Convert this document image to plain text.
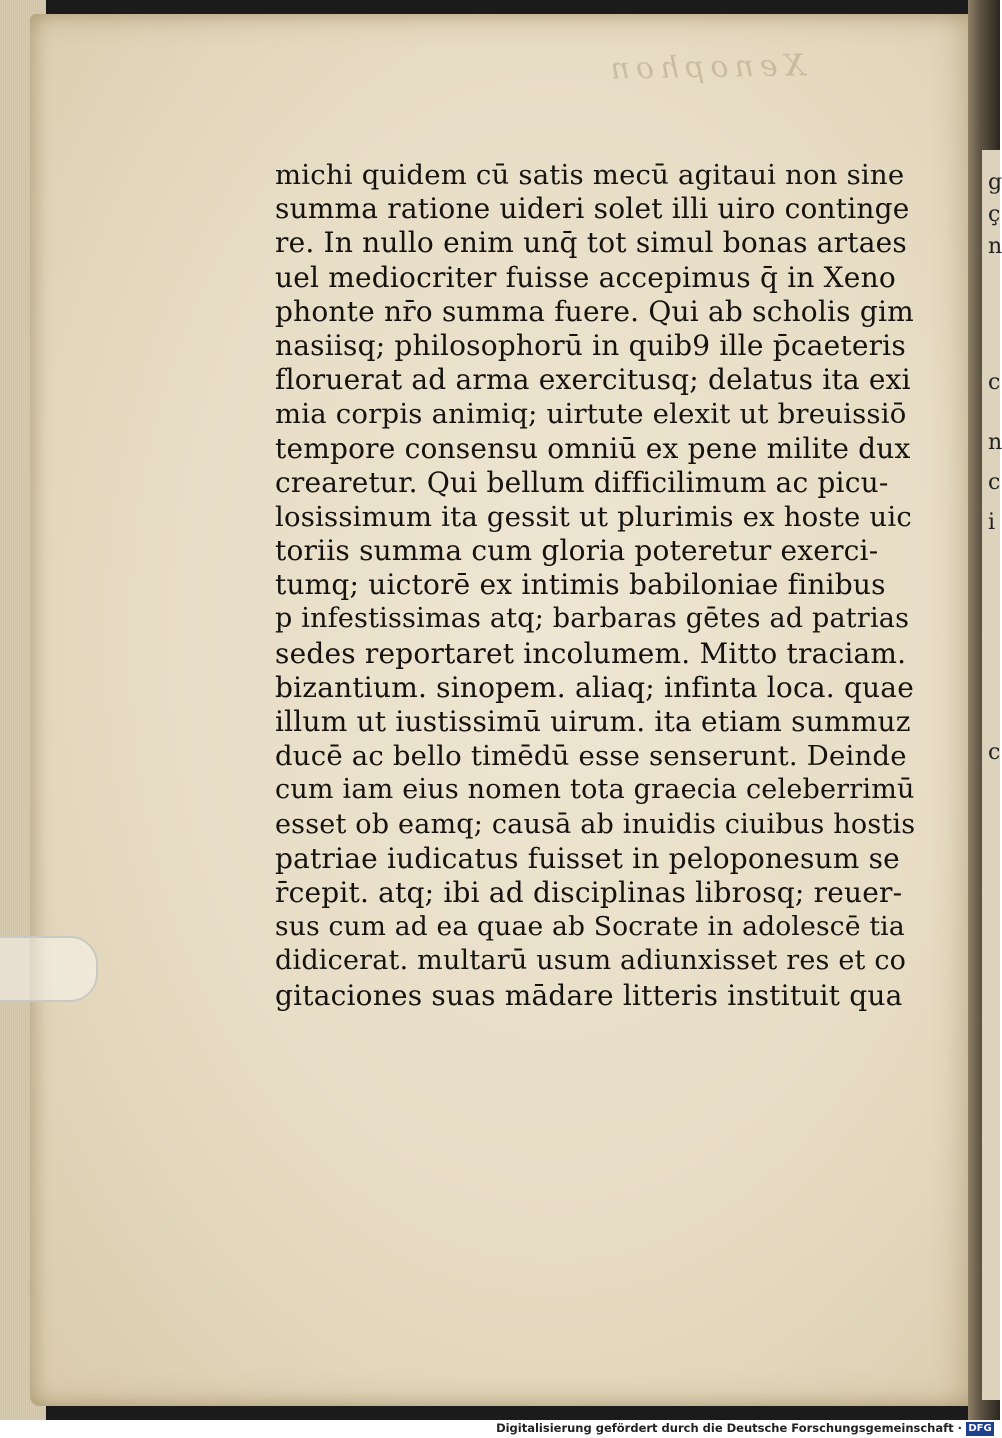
Xenophon
michi quidem cū satis mecū agitaui non sine
summa ratione uideri solet illi uiro continge
re. In nullo enim unq̄ tot simul bonas artaes
uel mediocriter fuisse accepimus q̄ in Xeno
phonte nr̄o summa fuere. Qui ab scholis gim
nasiisq; philosophorū in quib9 ille p̄caeteris
floruerat ad arma exercitusq; delatus ita exi
mia corpis animiq; uirtute elexit ut breuissiō
tempore consensu omniū ex pene milite dux
crearetur. Qui bellum difficilimum ac picu-
losissimum ita gessit ut plurimis ex hoste uic
toriis summa cum gloria poteretur exerci-
tumq; uictorē ex intimis babiloniae finibus
p infestissimas atq; barbaras gētes ad patrias
sedes reportaret incolumem. Mitto traciam.
bizantium. sinopem. aliaq; infinta loca. quae
illum ut iustissimū uirum. ita etiam summuz
ducē ac bello timēdū esse senserunt. Deinde
cum iam eius nomen tota graecia celeberrimū
esset ob eamq; causā ab inuidis ciuibus hostis
patriae iudicatus fuisset in peloponesum se
r̄cepit. atq; ibi ad disciplinas librosq; reuer-
sus cum ad ea quae ab Socrate in adolescē tia
didicerat. multarū usum adiunxisset res et co
gitaciones suas mādare litteris instituit qua
g
ç
n
c
n
c
i
c
Digitalisierung gefördert durch die Deutsche Forschungsgemeinschaft · DFG
